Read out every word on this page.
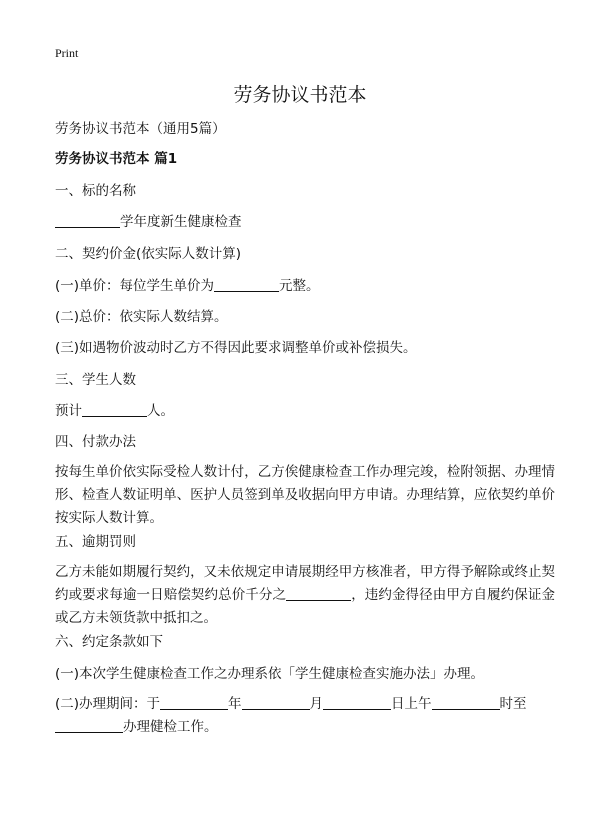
Print
劳务协议书范本
劳务协议书范本（通用5篇）
劳务协议书范本 篇1
一、标的名称
学年度新生健康检查
二、契约价金(依实际人数计算)
(一)单价：每位学生单价为	元整。
(二)总价：依实际人数结算。
(三)如遇物价波动时乙方不得因此要求调整单价或补偿损失。
三、学生人数
预计	人。
四、付款办法
按每生单价依实际受检人数计付，乙方俟健康检查工作办理完竣，检附领据、办理情形、检查人数证明单、医护人员签到单及收据向甲方申请。办理结算，应依契约单价按实际人数计算。
五、逾期罚则
乙方未能如期履行契约，又未依规定申请展期经甲方核准者，甲方得予解除或终止契约或要求每逾一日赔偿契约总价千分之	，违约金得径由甲方自履约保证金或乙方未领货款中抵扣之。
六、约定条款如下
(一)本次学生健康检查工作之办理系依「学生健康检查实施办法」办理。
(二)办理期间：于	年	月	日上午	时至
办理健检工作。
